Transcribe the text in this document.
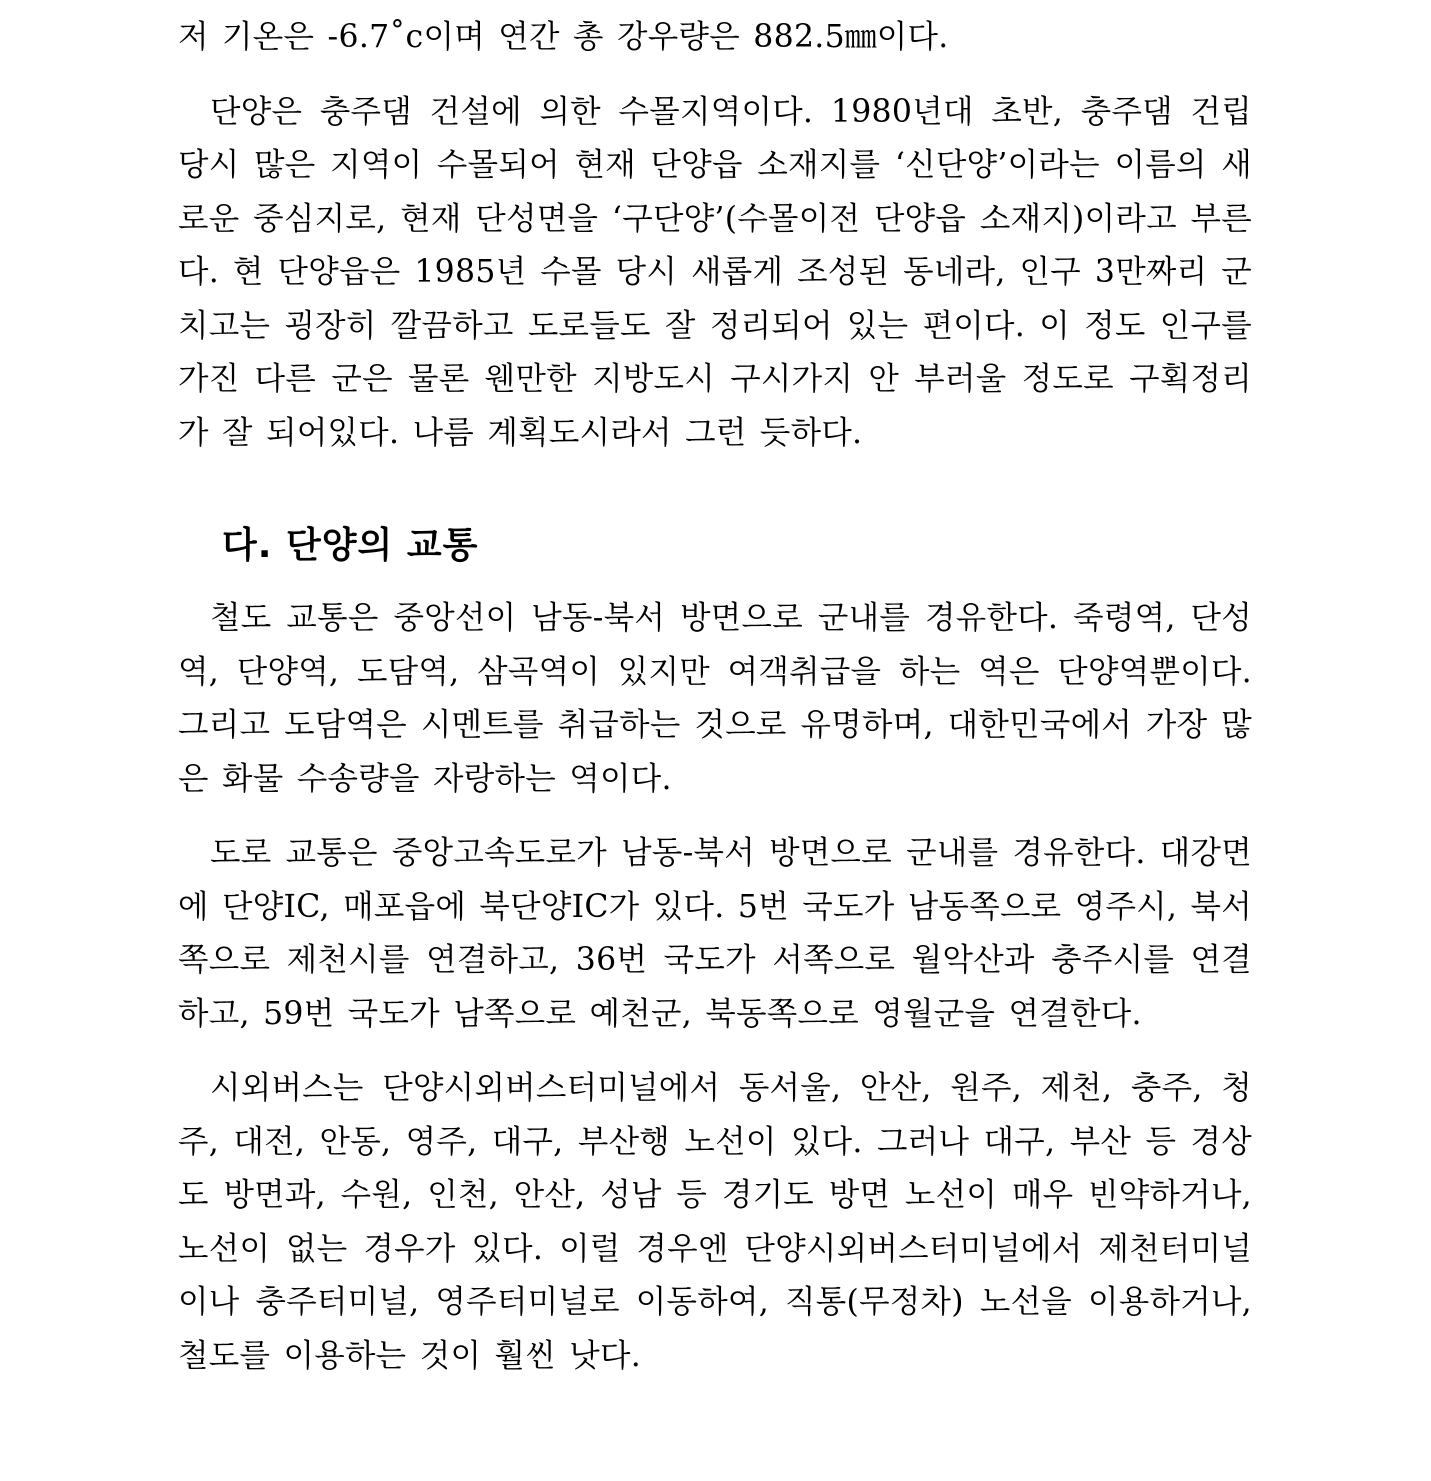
저 기온은 -6.7˚c이며 연간 총 강우량은 882.5㎜이다.

단양은 충주댐 건설에 의한 수몰지역이다. 1980년대 초반, 충주댐 건립 당시 많은 지역이 수몰되어 현재 단양읍 소재지를 ‘신단양’이라는 이름의 새로운 중심지로, 현재 단성면을 ‘구단양’(수몰이전 단양읍 소재지)이라고 부른다. 현 단양읍은 1985년 수몰 당시 새롭게 조성된 동네라, 인구 3만짜리 군 치고는 굉장히 깔끔하고 도로들도 잘 정리되어 있는 편이다. 이 정도 인구를 가진 다른 군은 물론 웬만한 지방도시 구시가지 안 부러울 정도로 구획정리가 잘 되어있다. 나름 계획도시라서 그런 듯하다.

다. 단양의 교통

철도 교통은 중앙선이 남동-북서 방면으로 군내를 경유한다. 죽령역, 단성역, 단양역, 도담역, 삼곡역이 있지만 여객취급을 하는 역은 단양역뿐이다. 그리고 도담역은 시멘트를 취급하는 것으로 유명하며, 대한민국에서 가장 많은 화물 수송량을 자랑하는 역이다.

도로 교통은 중앙고속도로가 남동-북서 방면으로 군내를 경유한다. 대강면에 단양IC, 매포읍에 북단양IC가 있다. 5번 국도가 남동쪽으로 영주시, 북서쪽으로 제천시를 연결하고, 36번 국도가 서쪽으로 월악산과 충주시를 연결하고, 59번 국도가 남쪽으로 예천군, 북동쪽으로 영월군을 연결한다.

시외버스는 단양시외버스터미널에서 동서울, 안산, 원주, 제천, 충주, 청주, 대전, 안동, 영주, 대구, 부산행 노선이 있다. 그러나 대구, 부산 등 경상도 방면과, 수원, 인천, 안산, 성남 등 경기도 방면 노선이 매우 빈약하거나, 노선이 없는 경우가 있다. 이럴 경우엔 단양시외버스터미널에서 제천터미널이나 충주터미널, 영주터미널로 이동하여, 직통(무정차) 노선을 이용하거나, 철도를 이용하는 것이 훨씬 낫다.
